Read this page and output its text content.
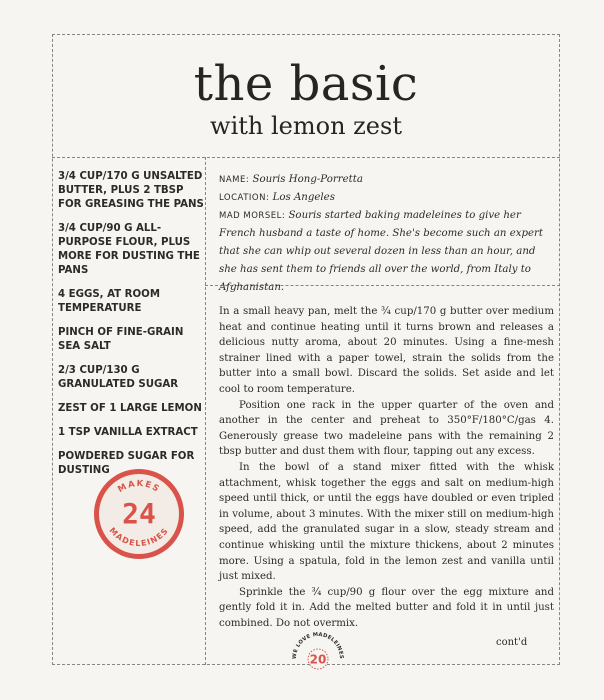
the basic
with lemon zest
3/4 CUP/170 G UNSALTED BUTTER, PLUS 2 TBSP FOR GREASING THE PANS
3/4 CUP/90 G ALL-PURPOSE FLOUR, PLUS MORE FOR DUSTING THE PANS
4 EGGS, AT ROOM TEMPERATURE
PINCH OF FINE-GRAIN SEA SALT
2/3 CUP/130 G GRANULATED SUGAR
ZEST OF 1 LARGE LEMON
1 TSP VANILLA EXTRACT
POWDERED SUGAR FOR DUSTING

NAME: Souris Hong-Porretta

LOCATION: Los Angeles

MAD MORSEL: Souris started baking madeleines to give her French husband a taste of home. She's become such an expert that she can whip out several dozen in less than an hour, and she has sent them to friends all over the world, from Italy to Afghanistan.

In a small heavy pan, melt the ¾ cup/170 g butter over medium heat and continue heating until it turns brown and releases a delicious nutty aroma, about 20 minutes. Using a fine-mesh strainer lined with a paper towel, strain the solids from the butter into a small bowl. Discard the solids. Set aside and let cool to room temperature.

Position one rack in the upper quarter of the oven and another in the center and preheat to 350°F/180°C/gas 4. Generously grease two madeleine pans with the remaining 2 tbsp butter and dust them with flour, tapping out any excess.

In the bowl of a stand mixer fitted with the whisk attachment, whisk together the eggs and salt on medium-high speed until thick, or until the eggs have doubled or even tripled in volume, about 3 minutes. With the mixer still on medium-high speed, add the granulated sugar in a slow, steady stream and continue whisking until the mixture thickens, about 2 minutes more. Using a spatula, fold in the lemon zest and vanilla until just mixed.

Sprinkle the ¾ cup/90 g flour over the egg mixture and gently fold it in. Add the melted butter and fold it in until just combined. Do not overmix.

MAKES
24
MADELEINES
WE LOVE MADELEINES
20
cont'd
